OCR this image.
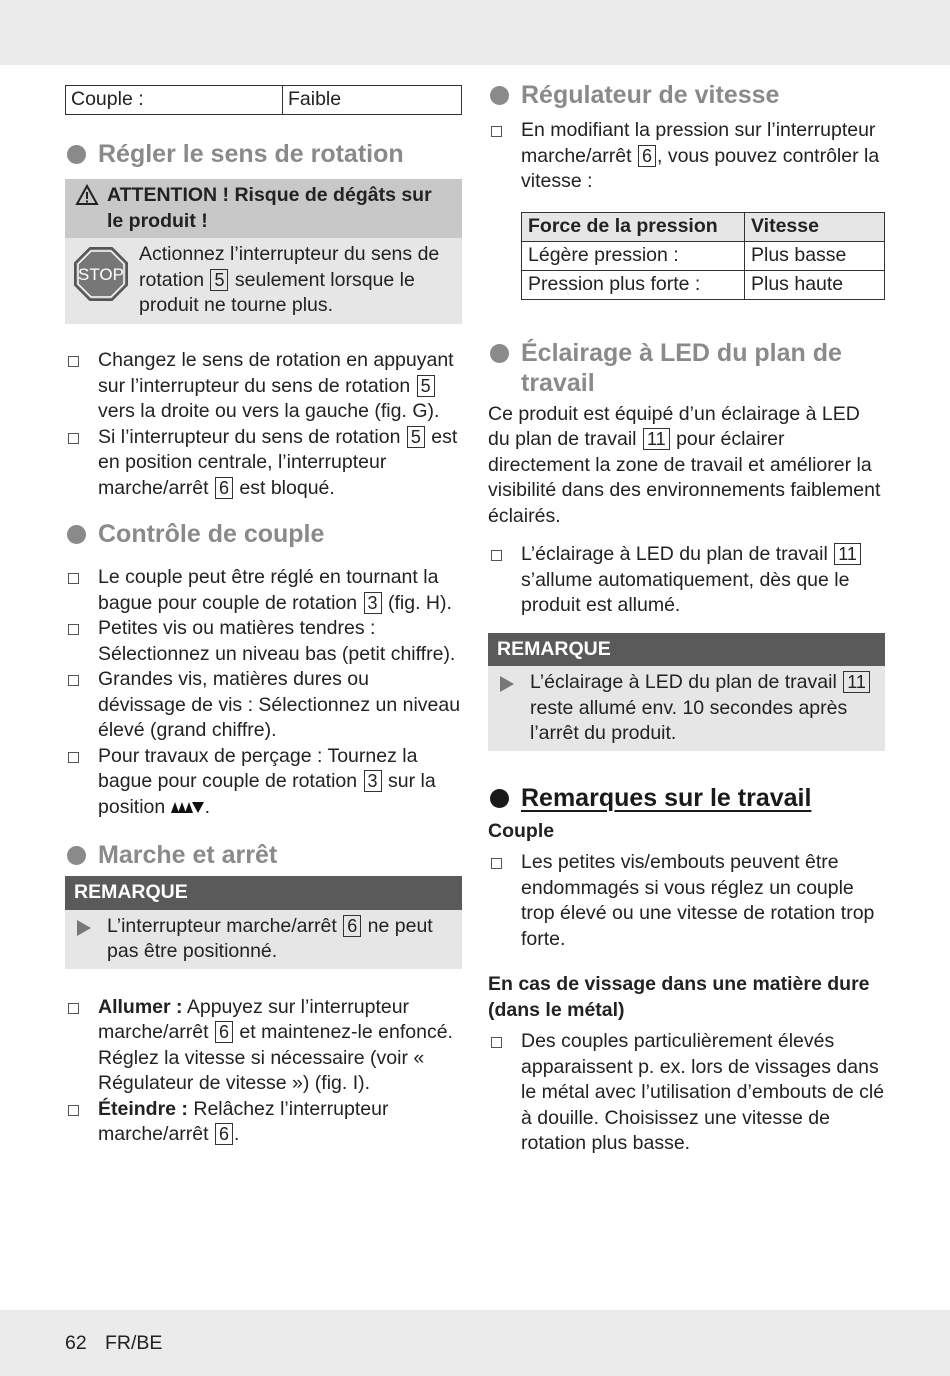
Couple :	Faible
Régler le sens de rotation
ATTENTION ! Risque de dégâts sur le produit !
STOP
Actionnez l’interrupteur du sens de rotation 5 seulement lorsque le produit ne tourne plus.
Changez le sens de rotation en appuyant sur l’interrupteur du sens de rotation 5 vers la droite ou vers la gauche (fig. G).
Si l’interrupteur du sens de rotation 5 est en position centrale, l’interrupteur marche/arrêt 6 est bloqué.
Contrôle de couple
Le couple peut être réglé en tournant la bague pour couple de rotation 3 (fig. H).
Petites vis ou matières tendres : Sélectionnez un niveau bas (petit chiffre).
Grandes vis, matières dures ou dévissage de vis : Sélectionnez un niveau élevé (grand chiffre).
Pour travaux de perçage : Tournez la bague pour couple de rotation 3 sur la position .
Marche et arrêt
REMARQUE
L’interrupteur marche/arrêt 6 ne peut pas être positionné.
Allumer : Appuyez sur l’interrupteur marche/arrêt 6 et maintenez-le enfoncé.
Réglez la vitesse si nécessaire (voir « Régulateur de vitesse ») (fig. I).
Éteindre : Relâchez l’interrupteur marche/arrêt 6 .
Régulateur de vitesse
En modifiant la pression sur l’interrupteur marche/arrêt 6 , vous pouvez contrôler la vitesse :
Force de la pression	Vitesse
Légère pression :	Plus basse
Pression plus forte :	Plus haute
Éclairage à LED du plan de travail
Ce produit est équipé d’un éclairage à LED du plan de travail 11 pour éclairer directement la zone de travail et améliorer la visibilité dans des environnements faiblement éclairés.
L’éclairage à LED du plan de travail 11 s’allume automatiquement, dès que le produit est allumé.
REMARQUE
L’éclairage à LED du plan de travail 11 reste allumé env. 10 secondes après l’arrêt du produit.
Remarques sur le travail
Couple
Les petites vis/embouts peuvent être endommagés si vous réglez un couple trop élevé ou une vitesse de rotation trop forte.
En cas de vissage dans une matière dure (dans le métal)
Des couples particulièrement élevés apparaissent p. ex. lors de vissages dans le métal avec l’utilisation d’embouts de clé à douille. Choisissez une vitesse de rotation plus basse.
62 FR/BE
